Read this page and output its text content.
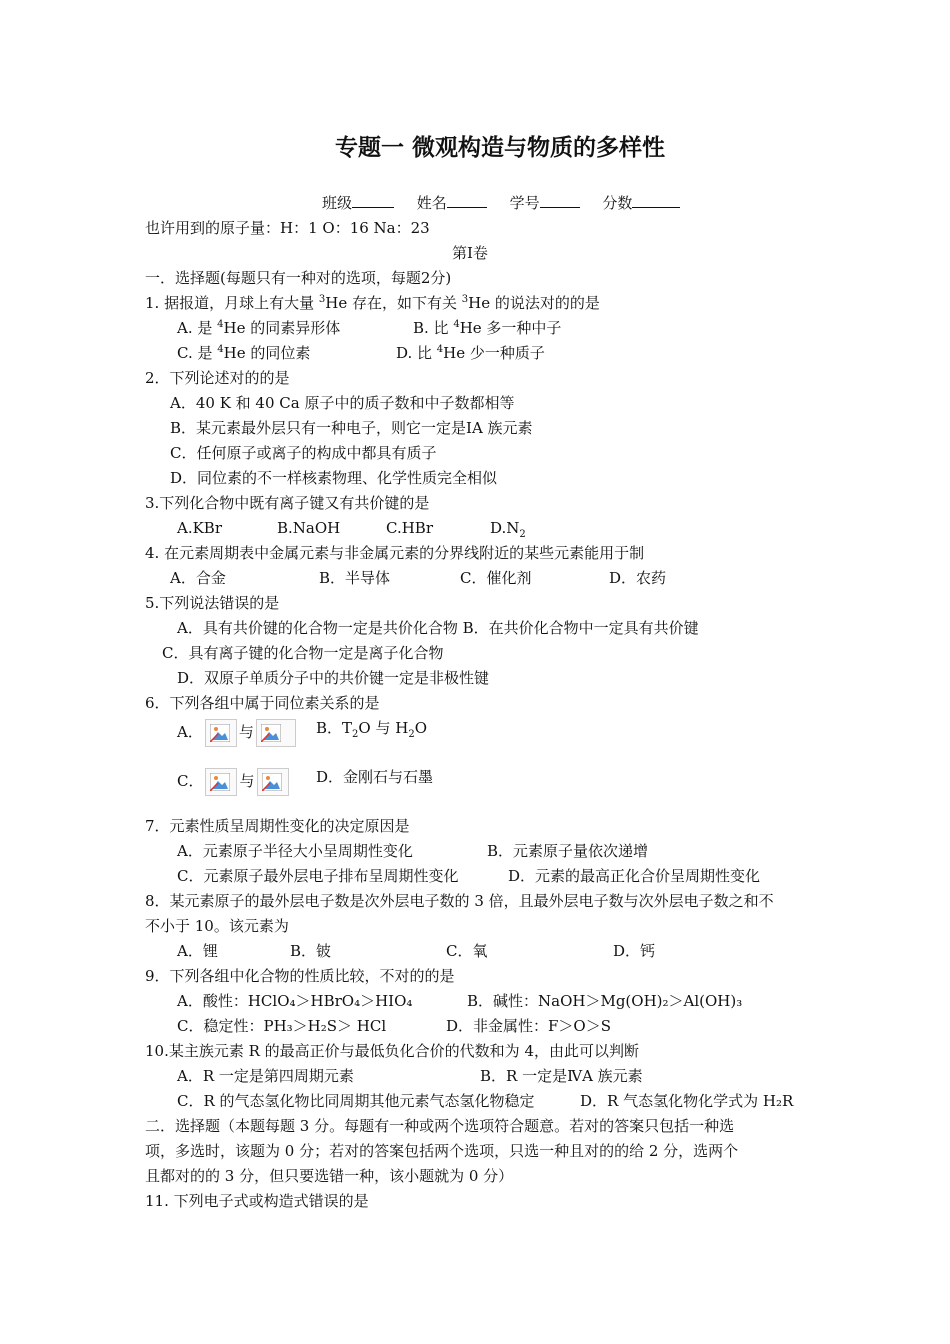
专题一 微观构造与物质的多样性
班级	姓名	学号	分数
也许用到的原子量：H：1 O：16 Na：23
第Ⅰ卷
一．选择题(每题只有一种对的选项，每题2分)
1. 据报道，月球上有大量 $^3$He 存在，如下有关 $^3$He 的说法对的的是
A. 是 $^4$He 的同素异形体	B. 比 $^4$He 多一种中子
C. 是 $^4$He 的同位素	D. 比 $^4$He 少一种质子
2．下列论述对的的是
A．40 K 和 40 Ca 原子中的质子数和中子数都相等
B．某元素最外层只有一种电子，则它一定是ⅠA 族元素
C．任何原子或离子的构成中都具有质子
D．同位素的不一样核素物理、化学性质完全相似
3.下列化合物中既有离子键又有共价键的是
A.KBr	B.NaOH	C.HBr	$D.N_2$
4. 在元素周期表中金属元素与非金属元素的分界线附近的某些元素能用于制
A．合金	B．半导体	C．催化剂	D．农药
5.下列说法错误的是
A．具有共价键的化合物一定是共价化合物 B．在共价化合物中一定具有共价键
C．具有离子键的化合物一定是离子化合物
D．双原子单质分子中的共价键一定是非极性键
6．下列各组中属于同位素关系的是
A． 与	B．$T_2O$ 与 $H_2O$
C． 与	D．金刚石与石墨
7．元素性质呈周期性变化的决定原因是
A．元素原子半径大小呈周期性变化	B．元素原子量依次递增
C．元素原子最外层电子排布呈周期性变化	D．元素的最高正化合价呈周期性变化
8．某元素原子的最外层电子数是次外层电子数的 3 倍，且最外层电子数与次外层电子数之和不
不小于 10。该元素为
A．锂	B．铍	C．氧	D．钙
9．下列各组中化合物的性质比较，不对的的是
A．酸性：HClO₄＞HBrO₄＞HIO₄	B．碱性：NaOH＞Mg(OH)₂＞Al(OH)₃
C．稳定性：PH₃＞H₂S＞ HCl	D．非金属性：F＞O＞S
10.某主族元素 R 的最高正价与最低负化合价的代数和为 4，由此可以判断
A．R 一定是第四周期元素	B．R 一定是ⅣA 族元素
C．R 的气态氢化物比同周期其他元素气态氢化物稳定	D．R 气态氢化物化学式为 H₂R
二．选择题（本题每题 3 分。每题有一种或两个选项符合题意。若对的答案只包括一种选
项，多选时，该题为 0 分；若对的答案包括两个选项，只选一种且对的的给 2 分，选两个
且都对的的 3 分，但只要选错一种，该小题就为 0 分）
11. 下列电子式或构造式错误的是
